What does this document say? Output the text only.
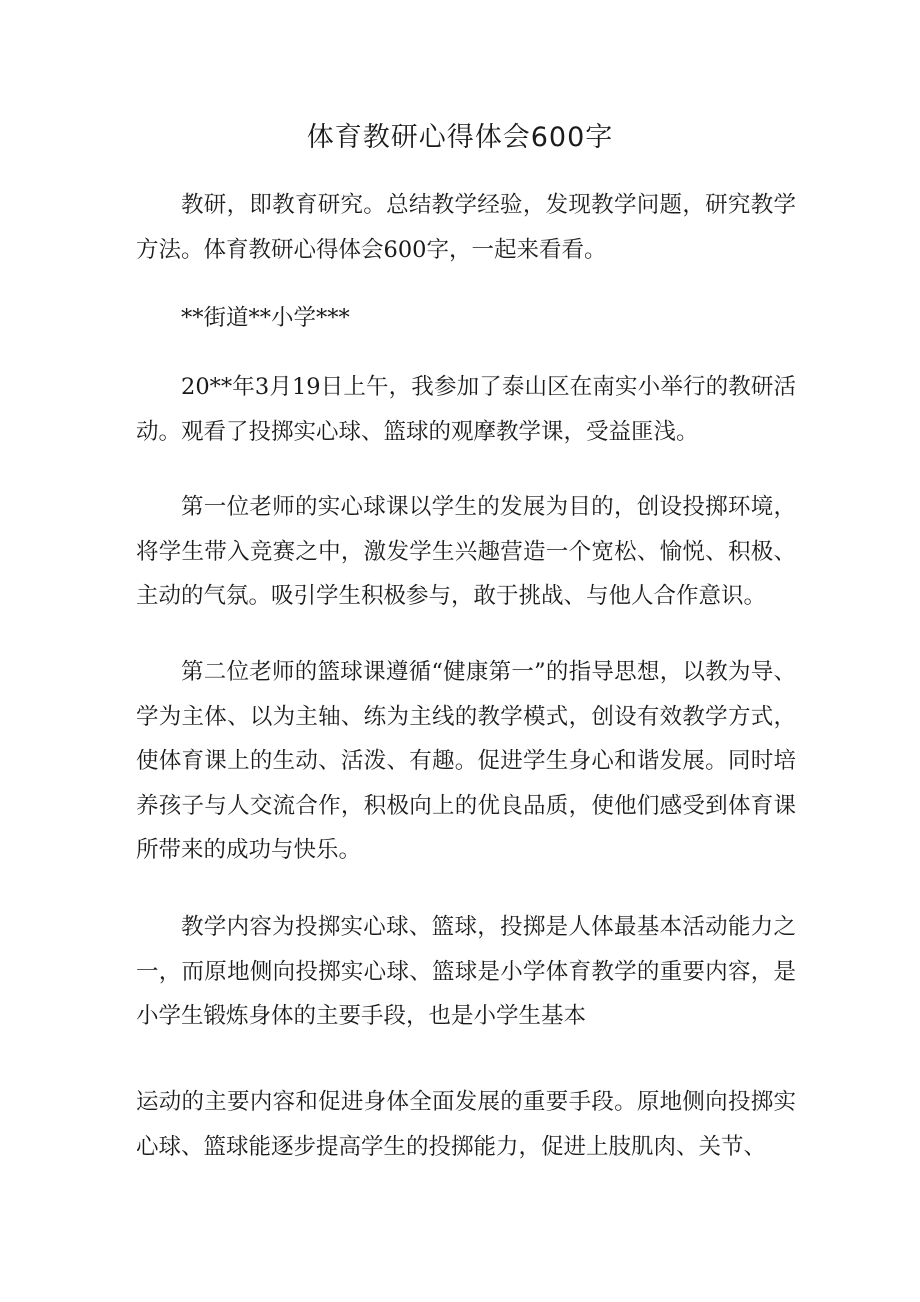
体育教研心得体会600字

教研，即教育研究。总结教学经验，发现教学问题，研究教学方法。体育教研心得体会600字，一起来看看。

**街道**小学***

20**年3月19日上午，我参加了泰山区在南实小举行的教研活动。观看了投掷实心球、篮球的观摩教学课，受益匪浅。

第一位老师的实心球课以学生的发展为目的，创设投掷环境，将学生带入竞赛之中，激发学生兴趣营造一个宽松、愉悦、积极、主动的气氛。吸引学生积极参与，敢于挑战、与他人合作意识。

第二位老师的篮球课遵循“健康第一”的指导思想，以教为导、学为主体、以为主轴、练为主线的教学模式，创设有效教学方式，使体育课上的生动、活泼、有趣。促进学生身心和谐发展。同时培养孩子与人交流合作，积极向上的优良品质，使他们感受到体育课所带来的成功与快乐。

教学内容为投掷实心球、篮球，投掷是人体最基本活动能力之一，而原地侧向投掷实心球、篮球是小学体育教学的重要内容，是小学生锻炼身体的主要手段，也是小学生基本

运动的主要内容和促进身体全面发展的重要手段。原地侧向投掷实心球、篮球能逐步提高学生的投掷能力，促进上肢肌肉、关节、
